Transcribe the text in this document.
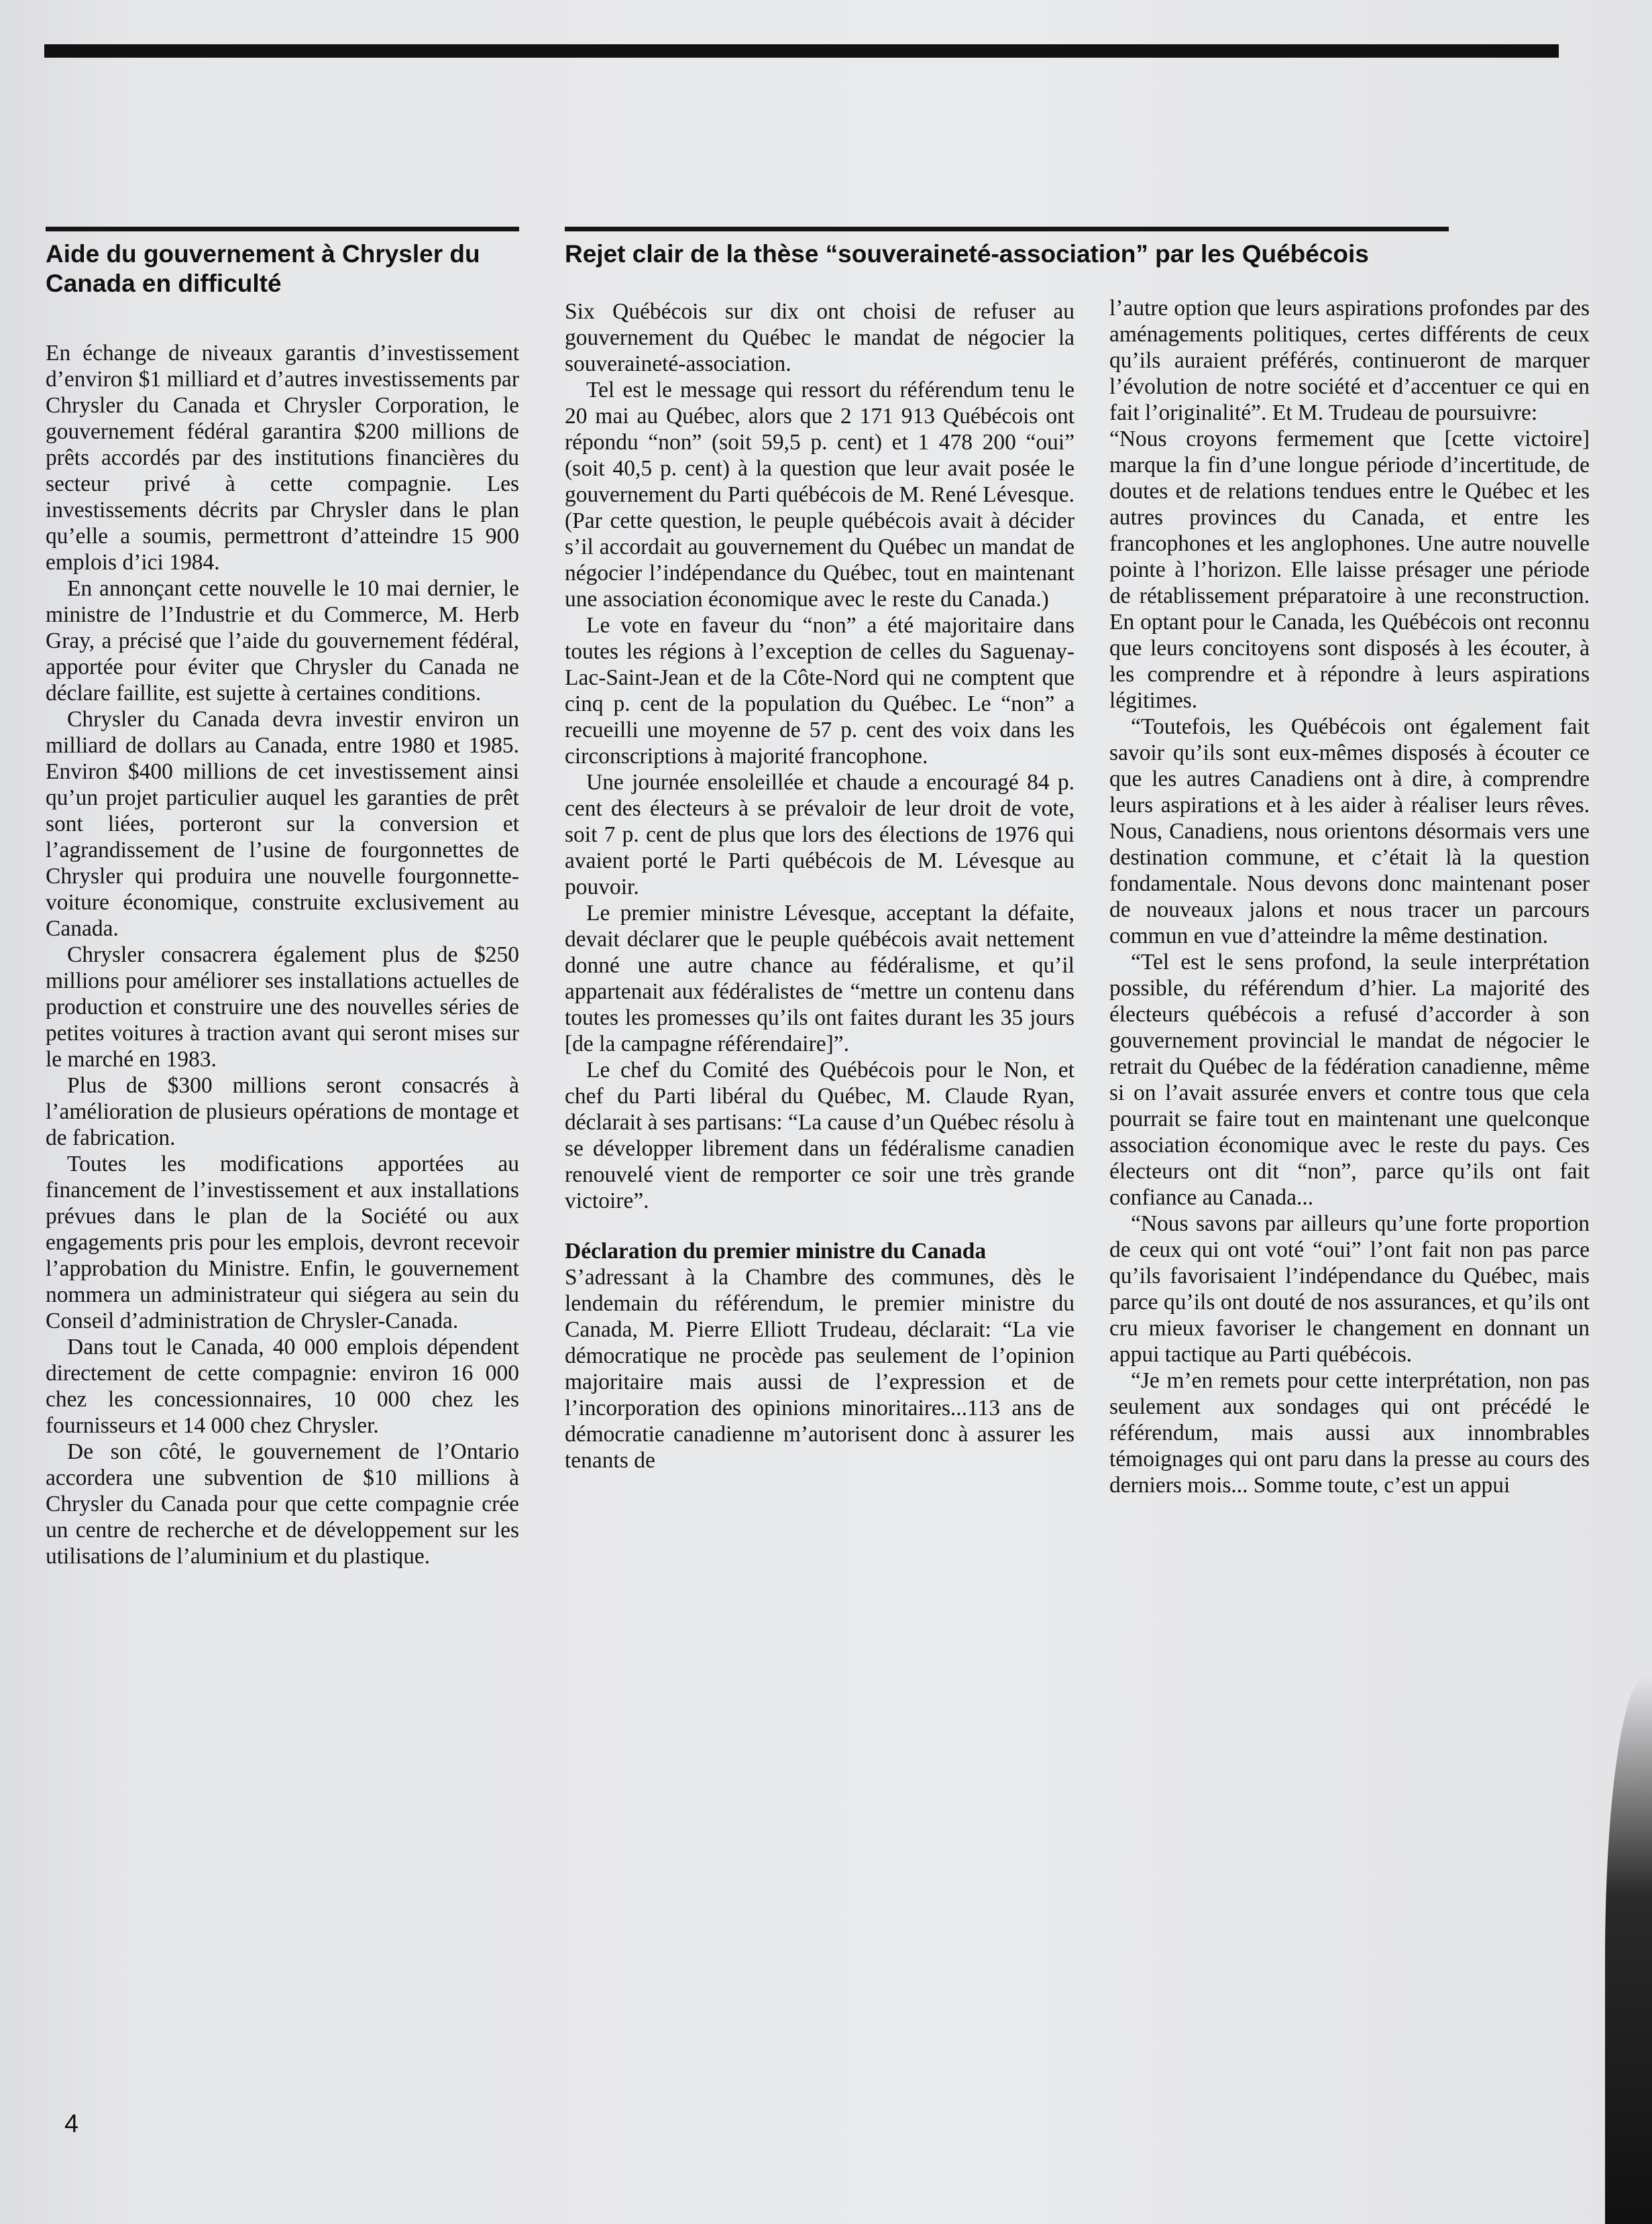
Aide du gouvernement à Chrysler du Canada en difficulté

En échange de niveaux garantis d’investissement d’environ $1 milliard et d’autres investissements par Chrysler du Canada et Chrysler Corporation, le gouvernement fédéral garantira $200 millions de prêts accordés par des institutions financières du secteur privé à cette compagnie. Les investissements décrits par Chrysler dans le plan qu’elle a soumis, permettront d’atteindre 15 900 emplois d’ici 1984.

En annonçant cette nouvelle le 10 mai dernier, le ministre de l’Industrie et du Commerce, M. Herb Gray, a précisé que l’aide du gouvernement fédéral, apportée pour éviter que Chrysler du Canada ne déclare faillite, est sujette à certaines conditions.

Chrysler du Canada devra investir environ un milliard de dollars au Canada, entre 1980 et 1985. Environ $400 millions de cet investissement ainsi qu’un projet particulier auquel les garanties de prêt sont liées, porteront sur la conversion et l’agrandissement de l’usine de fourgonnettes de Chrysler qui produira une nouvelle fourgonnette-voiture économique, construite exclusivement au Canada.

Chrysler consacrera également plus de $250 millions pour améliorer ses installations actuelles de production et construire une des nouvelles séries de petites voitures à traction avant qui seront mises sur le marché en 1983.

Plus de $300 millions seront consacrés à l’amélioration de plusieurs opérations de montage et de fabrication.

Toutes les modifications apportées au financement de l’investissement et aux installations prévues dans le plan de la Société ou aux engagements pris pour les emplois, devront recevoir l’approbation du Ministre. Enfin, le gouvernement nommera un administrateur qui siégera au sein du Conseil d’administration de Chrysler-Canada.

Dans tout le Canada, 40 000 emplois dépendent directement de cette compagnie: environ 16 000 chez les concessionnaires, 10 000 chez les fournisseurs et 14 000 chez Chrysler.

De son côté, le gouvernement de l’Ontario accordera une subvention de $10 millions à Chrysler du Canada pour que cette compagnie crée un centre de recherche et de développement sur les utilisations de l’aluminium et du plastique.

Rejet clair de la thèse “souveraineté-association” par les Québécois

Six Québécois sur dix ont choisi de refuser au gouvernement du Québec le mandat de négocier la souveraineté-association.

Tel est le message qui ressort du référendum tenu le 20 mai au Québec, alors que 2 171 913 Québécois ont répondu “non” (soit 59,5 p. cent) et 1 478 200 “oui” (soit 40,5 p. cent) à la question que leur avait posée le gouvernement du Parti québécois de M. René Lévesque. (Par cette question, le peuple québécois avait à décider s’il accordait au gouvernement du Québec un mandat de négocier l’indépendance du Québec, tout en maintenant une association économique avec le reste du Canada.)

Le vote en faveur du “non” a été majoritaire dans toutes les régions à l’exception de celles du Saguenay-Lac-Saint-Jean et de la Côte-Nord qui ne comptent que cinq p. cent de la population du Québec. Le “non” a recueilli une moyenne de 57 p. cent des voix dans les circonscriptions à majorité francophone.

Une journée ensoleillée et chaude a encouragé 84 p. cent des électeurs à se prévaloir de leur droit de vote, soit 7 p. cent de plus que lors des élections de 1976 qui avaient porté le Parti québécois de M. Lévesque au pouvoir.

Le premier ministre Lévesque, acceptant la défaite, devait déclarer que le peuple québécois avait nettement donné une autre chance au fédéralisme, et qu’il appartenait aux fédéralistes de “mettre un contenu dans toutes les promesses qu’ils ont faites durant les 35 jours [de la campagne référendaire]”.

Le chef du Comité des Québécois pour le Non, et chef du Parti libéral du Québec, M. Claude Ryan, déclarait à ses partisans: “La cause d’un Québec résolu à se développer librement dans un fédéralisme canadien renouvelé vient de remporter ce soir une très grande victoire”.

Déclaration du premier ministre du Canada

S’adressant à la Chambre des communes, dès le lendemain du référendum, le premier ministre du Canada, M. Pierre Elliott Trudeau, déclarait: “La vie démocratique ne procède pas seulement de l’opinion majoritaire mais aussi de l’expression et de l’incorporation des opinions minoritaires...113 ans de démocratie canadienne m’autorisent donc à assurer les tenants de

l’autre option que leurs aspirations profondes par des aménagements politiques, certes différents de ceux qu’ils auraient préférés, continueront de marquer l’évolution de notre société et d’accentuer ce qui en fait l’originalité”. Et M. Trudeau de poursuivre:

“Nous croyons fermement que [cette victoire] marque la fin d’une longue période d’incertitude, de doutes et de relations tendues entre le Québec et les autres provinces du Canada, et entre les francophones et les anglophones. Une autre nouvelle pointe à l’horizon. Elle laisse présager une période de rétablissement préparatoire à une reconstruction. En optant pour le Canada, les Québécois ont reconnu que leurs concitoyens sont disposés à les écouter, à les comprendre et à répondre à leurs aspirations légitimes.

“Toutefois, les Québécois ont également fait savoir qu’ils sont eux-mêmes disposés à écouter ce que les autres Canadiens ont à dire, à comprendre leurs aspirations et à les aider à réaliser leurs rêves. Nous, Canadiens, nous orientons désormais vers une destination commune, et c’était là la question fondamentale. Nous devons donc maintenant poser de nouveaux jalons et nous tracer un parcours commun en vue d’atteindre la même destination.

“Tel est le sens profond, la seule interprétation possible, du référendum d’hier. La majorité des électeurs québécois a refusé d’accorder à son gouvernement provincial le mandat de négocier le retrait du Québec de la fédération canadienne, même si on l’avait assurée envers et contre tous que cela pourrait se faire tout en maintenant une quelconque association économique avec le reste du pays. Ces électeurs ont dit “non”, parce qu’ils ont fait confiance au Canada...

“Nous savons par ailleurs qu’une forte proportion de ceux qui ont voté “oui” l’ont fait non pas parce qu’ils favorisaient l’indépendance du Québec, mais parce qu’ils ont douté de nos assurances, et qu’ils ont cru mieux favoriser le changement en donnant un appui tactique au Parti québécois.

“Je m’en remets pour cette interprétation, non pas seulement aux sondages qui ont précédé le référendum, mais aussi aux innombrables témoignages qui ont paru dans la presse au cours des derniers mois... Somme toute, c’est un appui

4
